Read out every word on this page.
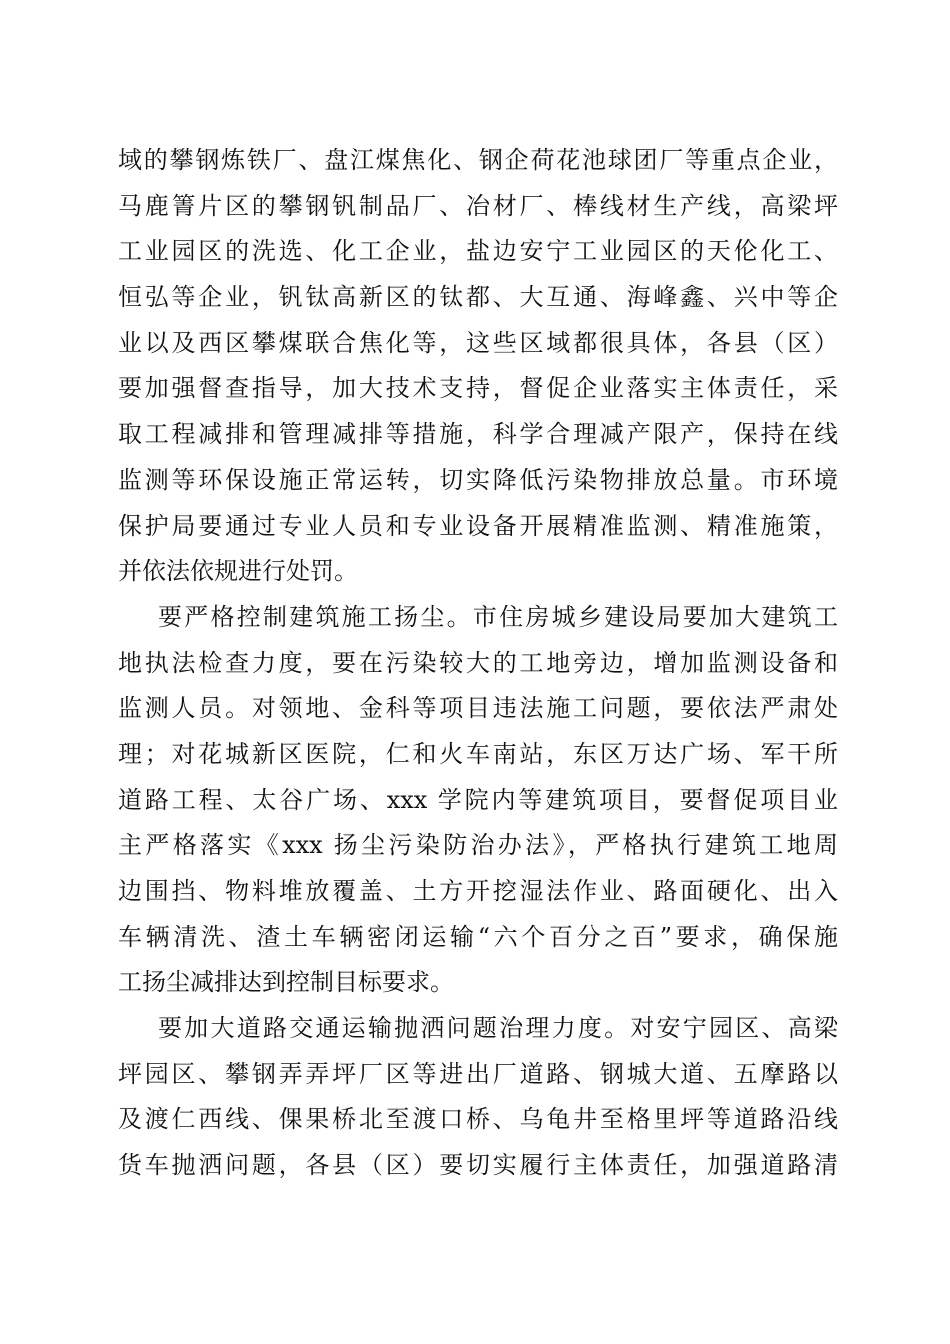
域的攀钢炼铁厂、盘江煤焦化、钢企荷花池球团厂等重点企业，
马鹿箐片区的攀钢钒制品厂、冶材厂、棒线材生产线，高梁坪
工业园区的洗选、化工企业，盐边安宁工业园区的天伦化工、
恒弘等企业，钒钛高新区的钛都、大互通、海峰鑫、兴中等企
业以及西区攀煤联合焦化等，这些区域都很具体，各县（区）
要加强督查指导，加大技术支持，督促企业落实主体责任，采
取工程减排和管理减排等措施，科学合理减产限产，保持在线
监测等环保设施正常运转，切实降低污染物排放总量。市环境
保护局要通过专业人员和专业设备开展精准监测、精准施策，
并依法依规进行处罚。
要严格控制建筑施工扬尘。市住房城乡建设局要加大建筑工
地执法检查力度，要在污染较大的工地旁边，增加监测设备和
监测人员。对领地、金科等项目违法施工问题，要依法严肃处
理；对花城新区医院，仁和火车南站，东区万达广场、军干所
道路工程、太谷广场、xxx 学院内等建筑项目，要督促项目业
主严格落实《xxx 扬尘污染防治办法》，严格执行建筑工地周
边围挡、物料堆放覆盖、土方开挖湿法作业、路面硬化、出入
车辆清洗、渣土车辆密闭运输“六个百分之百”要求，确保施
工扬尘减排达到控制目标要求。
要加大道路交通运输抛洒问题治理力度。对安宁园区、高梁
坪园区、攀钢弄弄坪厂区等进出厂道路、钢城大道、五摩路以
及渡仁西线、倮果桥北至渡口桥、乌龟井至格里坪等道路沿线
货车抛洒问题，各县（区）要切实履行主体责任，加强道路清
